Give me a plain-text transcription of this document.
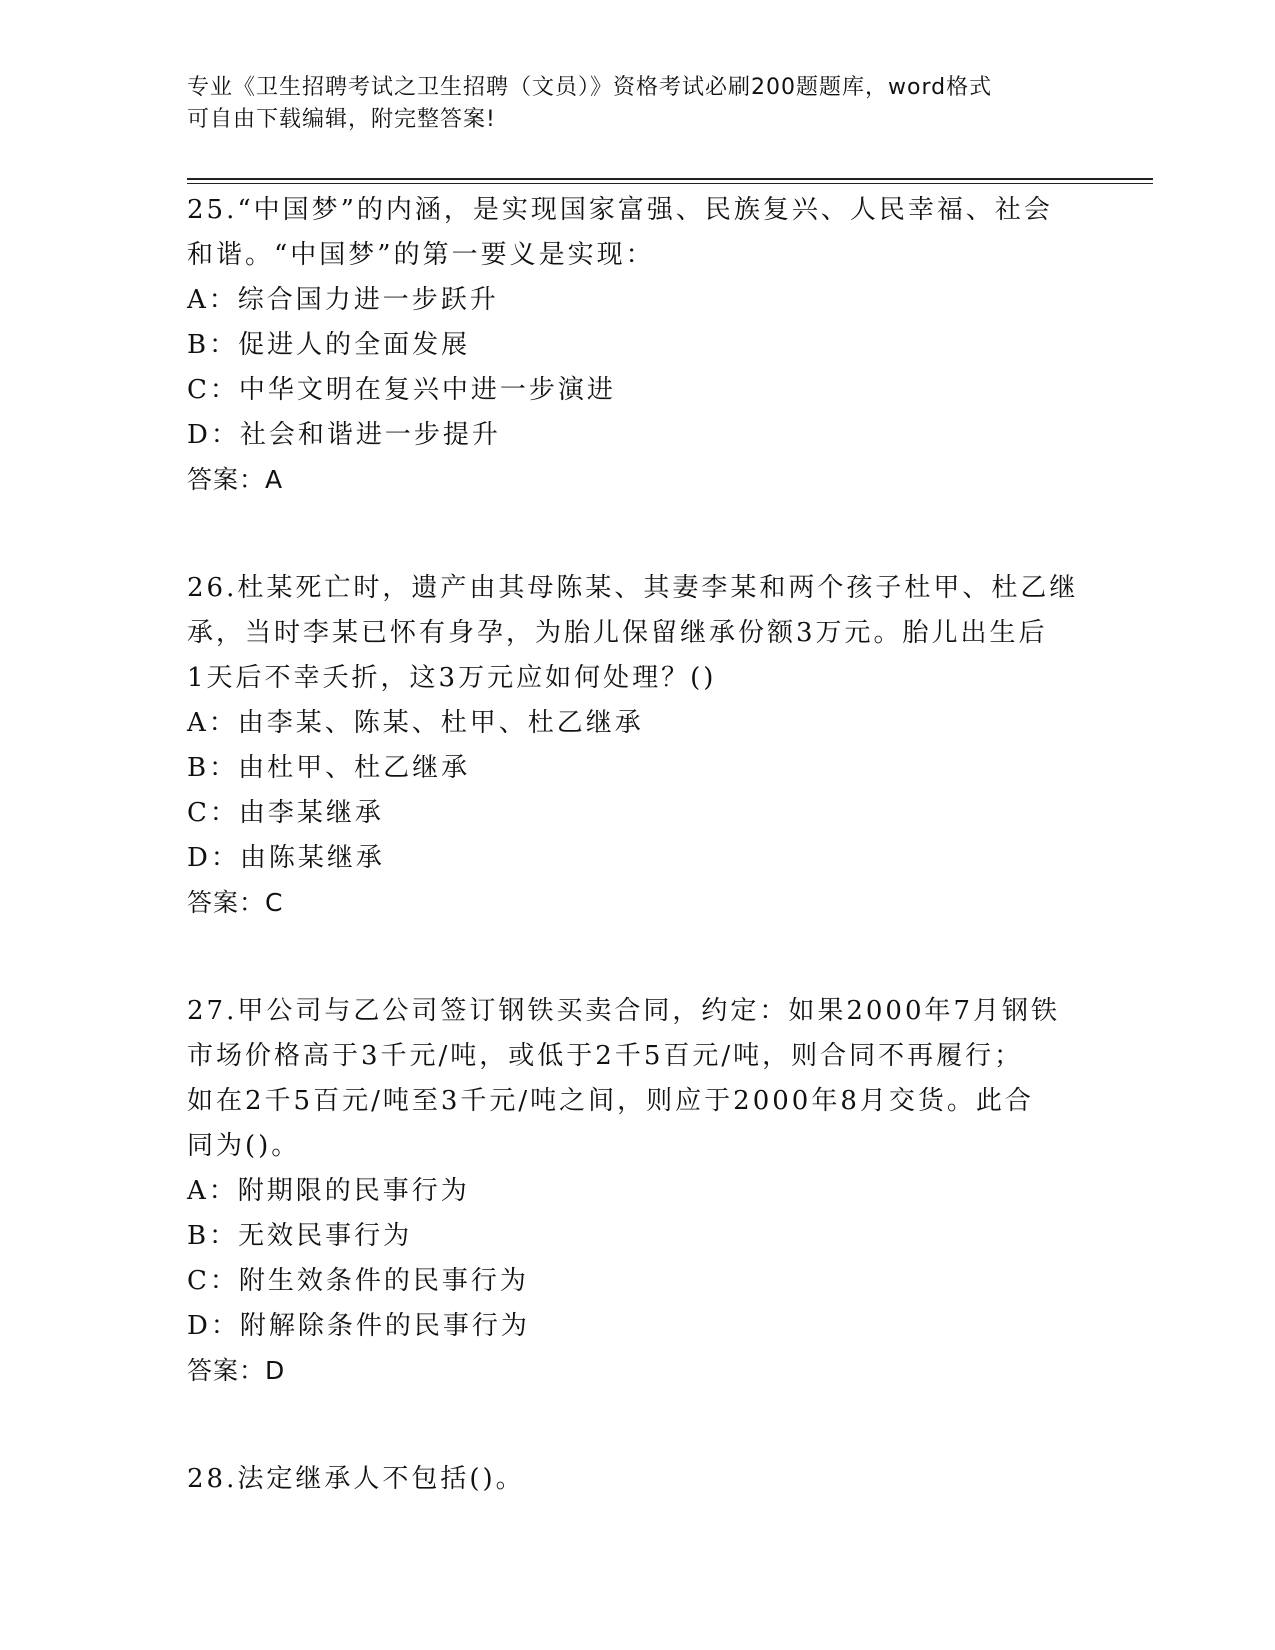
专业《卫生招聘考试之卫生招聘（文员）》资格考试必刷200题题库，word格式
可自由下载编辑，附完整答案!

25.“中国梦”的内涵，是实现国家富强、民族复兴、人民幸福、社会

和谐。“中国梦”的第一要义是实现：

A：综合国力进一步跃升

B：促进人的全面发展

C：中华文明在复兴中进一步演进

D：社会和谐进一步提升

答案：A

26.杜某死亡时，遗产由其母陈某、其妻李某和两个孩子杜甲、杜乙继

承，当时李某已怀有身孕，为胎儿保留继承份额3万元。胎儿出生后

1天后不幸夭折，这3万元应如何处理？()

A：由李某、陈某、杜甲、杜乙继承

B：由杜甲、杜乙继承

C：由李某继承

D：由陈某继承

答案：C

27.甲公司与乙公司签订钢铁买卖合同，约定：如果2000年7月钢铁

市场价格高于3千元/吨，或低于2千5百元/吨，则合同不再履行；

如在2千5百元/吨至3千元/吨之间，则应于2000年8月交货。此合

同为()。

A：附期限的民事行为

B：无效民事行为

C：附生效条件的民事行为

D：附解除条件的民事行为

答案：D

28.法定继承人不包括()。
